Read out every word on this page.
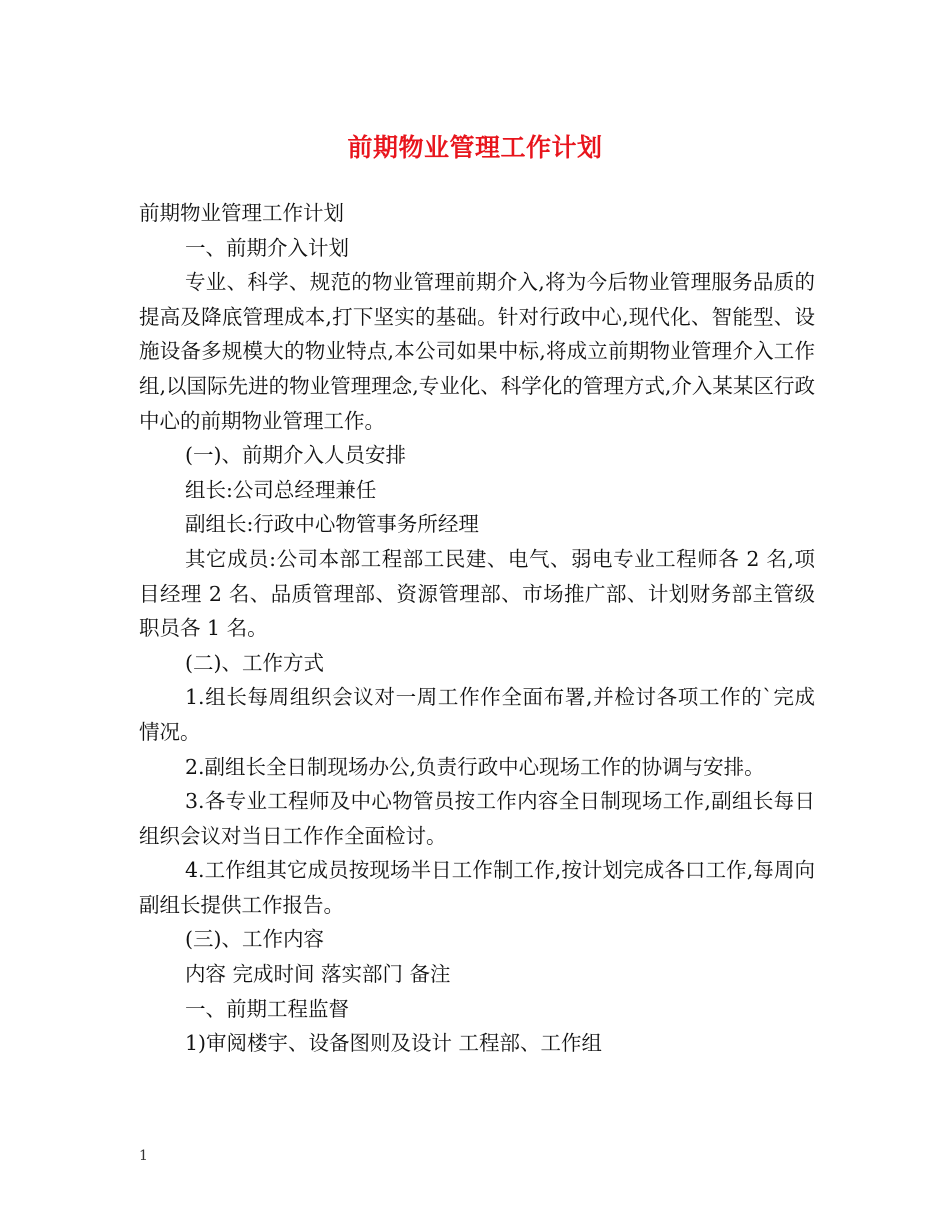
前期物业管理工作计划

前期物业管理工作计划

一、前期介入计划

专业、科学、规范的物业管理前期介入,将为今后物业管理服务品质的提高及降底管理成本,打下坚实的基础。针对行政中心,现代化、智能型、设施设备多规模大的物业特点,本公司如果中标,将成立前期物业管理介入工作组,以国际先进的物业管理理念,专业化、科学化的管理方式,介入某某区行政中心的前期物业管理工作。

(一)、前期介入人员安排

组长:公司总经理兼任

副组长:行政中心物管事务所经理

其它成员:公司本部工程部工民建、电气、弱电专业工程师各 2 名,项目经理 2 名、品质管理部、资源管理部、市场推广部、计划财务部主管级职员各 1 名。

(二)、工作方式

1.组长每周组织会议对一周工作作全面布署,并检讨各项工作的`完成情况。

2.副组长全日制现场办公,负责行政中心现场工作的协调与安排。

3.各专业工程师及中心物管员按工作内容全日制现场工作,副组长每日组织会议对当日工作作全面检讨。

4.工作组其它成员按现场半日工作制工作,按计划完成各口工作,每周向副组长提供工作报告。

(三)、工作内容

内容 完成时间 落实部门 备注

一、前期工程监督

1)审阅楼宇、设备图则及设计 工程部、工作组

1
